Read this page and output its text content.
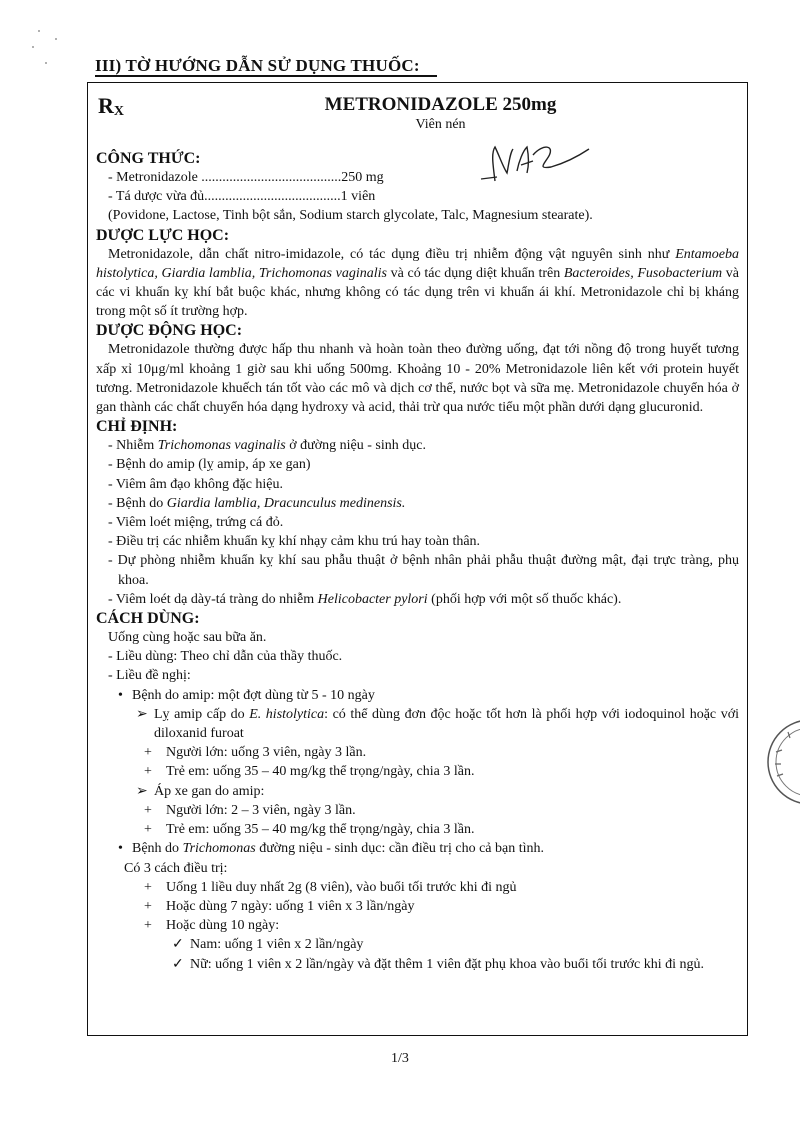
III) TỜ HƯỚNG DẪN SỬ DỤNG THUỐC:
$R_X$	METRONIDAZOLE 250mg
Viên nén
CÔNG THỨC:
- Metronidazole ........................................250 mg
- Tá dược vừa đủ.......................................1 viên
(Povidone, Lactose, Tinh bột sắn, Sodium starch glycolate, Talc, Magnesium stearate).
DƯỢC LỰC HỌC:
Metronidazole, dẫn chất nitro-imidazole, có tác dụng điều trị nhiễm động vật nguyên sinh như Entamoeba histolytica, Giardia lamblia, Trichomonas vaginalis và có tác dụng diệt khuẩn trên Bacteroides, Fusobacterium và các vi khuẩn kỵ khí bắt buộc khác, nhưng không có tác dụng trên vi khuẩn ái khí. Metronidazole chỉ bị kháng trong một số ít trường hợp.
DƯỢC ĐỘNG HỌC:
Metronidazole thường được hấp thu nhanh và hoàn toàn theo đường uống, đạt tới nồng độ trong huyết tương xấp xỉ 10μg/ml khoảng 1 giờ sau khi uống 500mg. Khoảng 10 - 20% Metronidazole liên kết với protein huyết tương. Metronidazole khuếch tán tốt vào các mô và dịch cơ thể, nước bọt và sữa mẹ. Metronidazole chuyển hóa ở gan thành các chất chuyển hóa dạng hydroxy và acid, thải trừ qua nước tiểu một phần dưới dạng glucuronid.
CHỈ ĐỊNH:
- Nhiễm Trichomonas vaginalis ở đường niệu - sinh dục.
- Bệnh do amip (lỵ amip, áp xe gan)
- Viêm âm đạo không đặc hiệu.
- Bệnh do Giardia lamblia, Dracunculus medinensis.
- Viêm loét miệng, trứng cá đỏ.
- Điều trị các nhiễm khuẩn kỵ khí nhạy cảm khu trú hay toàn thân.
- Dự phòng nhiễm khuẩn kỵ khí sau phẫu thuật ở bệnh nhân phải phẫu thuật đường mật, đại trực tràng, phụ khoa.
- Viêm loét dạ dày-tá tràng do nhiễm Helicobacter pylori (phối hợp với một số thuốc khác).
CÁCH DÙNG:
Uống cùng hoặc sau bữa ăn.
- Liều dùng: Theo chỉ dẫn của thầy thuốc.
- Liều đề nghị:
• Bệnh do amip: một đợt dùng từ 5 - 10 ngày
➢ Lỵ amip cấp do E. histolytica: có thể dùng đơn độc hoặc tốt hơn là phối hợp với iodoquinol hoặc với diloxanid furoat
+	Người lớn: uống 3 viên, ngày 3 lần.
+	Trẻ em: uống 35 – 40 mg/kg thể trọng/ngày, chia 3 lần.
➢ Áp xe gan do amip:
+	Người lớn: 2 – 3 viên, ngày 3 lần.
+	Trẻ em: uống 35 – 40 mg/kg thể trọng/ngày, chia 3 lần.
• Bệnh do Trichomonas đường niệu - sinh dục: cần điều trị cho cả bạn tình.
Có 3 cách điều trị:
+	Uống 1 liều duy nhất 2g (8 viên), vào buổi tối trước khi đi ngủ
+	Hoặc dùng 7 ngày: uống 1 viên x 3 lần/ngày
+	Hoặc dùng 10 ngày:
✓ Nam: uống 1 viên x 2 lần/ngày
✓ Nữ: uống 1 viên x 2 lần/ngày và đặt thêm 1 viên đặt phụ khoa vào buổi tối trước khi đi ngủ.
1/3
